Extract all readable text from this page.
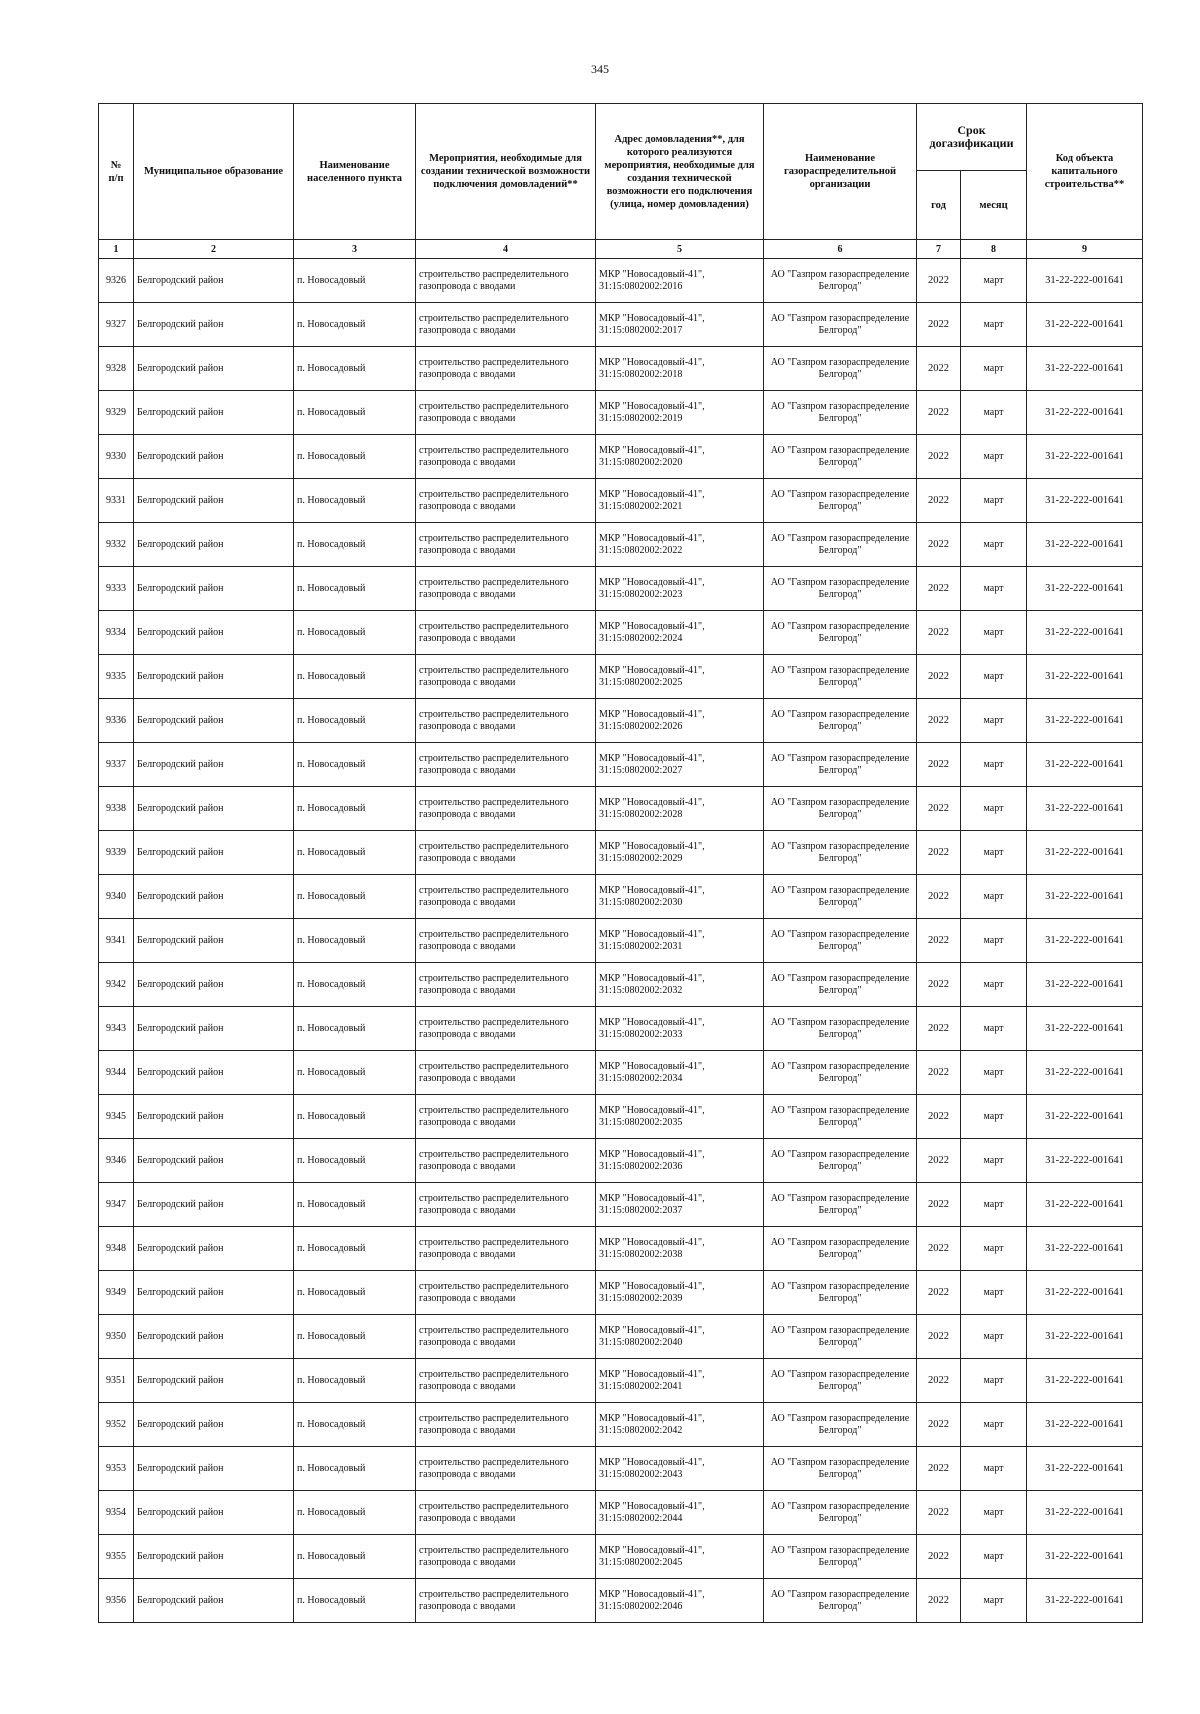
345
№
п/п	Муниципальное образование	Наименование населенного пункта	Мероприятия, необходимые для создании технической возможности подключения домовладений**	Адрес домовладения**, для которого реализуются мероприятия, необходимые для создания технической возможности его подключения (улица, номер домовладения)	Наименование газораспределительной организации	Срок догазификации		Код объекта капитального строительства**
						год	месяц	
1	2	3	4	5	6	7	8	9
9326	Белгородский район	п. Новосадовый	строительство распределительного газопровода с вводами	МКР "Новосадовый-41", 31:15:0802002:2016	АО "Газпром газораспределение Белгород"	2022	март	31-22-222-001641
9327	Белгородский район	п. Новосадовый	строительство распределительного газопровода с вводами	МКР "Новосадовый-41", 31:15:0802002:2017	АО "Газпром газораспределение Белгород"	2022	март	31-22-222-001641
9328	Белгородский район	п. Новосадовый	строительство распределительного газопровода с вводами	МКР "Новосадовый-41", 31:15:0802002:2018	АО "Газпром газораспределение Белгород"	2022	март	31-22-222-001641
9329	Белгородский район	п. Новосадовый	строительство распределительного газопровода с вводами	МКР "Новосадовый-41", 31:15:0802002:2019	АО "Газпром газораспределение Белгород"	2022	март	31-22-222-001641
9330	Белгородский район	п. Новосадовый	строительство распределительного газопровода с вводами	МКР "Новосадовый-41", 31:15:0802002:2020	АО "Газпром газораспределение Белгород"	2022	март	31-22-222-001641
9331	Белгородский район	п. Новосадовый	строительство распределительного газопровода с вводами	МКР "Новосадовый-41", 31:15:0802002:2021	АО "Газпром газораспределение Белгород"	2022	март	31-22-222-001641
9332	Белгородский район	п. Новосадовый	строительство распределительного газопровода с вводами	МКР "Новосадовый-41", 31:15:0802002:2022	АО "Газпром газораспределение Белгород"	2022	март	31-22-222-001641
9333	Белгородский район	п. Новосадовый	строительство распределительного газопровода с вводами	МКР "Новосадовый-41", 31:15:0802002:2023	АО "Газпром газораспределение Белгород"	2022	март	31-22-222-001641
9334	Белгородский район	п. Новосадовый	строительство распределительного газопровода с вводами	МКР "Новосадовый-41", 31:15:0802002:2024	АО "Газпром газораспределение Белгород"	2022	март	31-22-222-001641
9335	Белгородский район	п. Новосадовый	строительство распределительного газопровода с вводами	МКР "Новосадовый-41", 31:15:0802002:2025	АО "Газпром газораспределение Белгород"	2022	март	31-22-222-001641
9336	Белгородский район	п. Новосадовый	строительство распределительного газопровода с вводами	МКР "Новосадовый-41", 31:15:0802002:2026	АО "Газпром газораспределение Белгород"	2022	март	31-22-222-001641
9337	Белгородский район	п. Новосадовый	строительство распределительного газопровода с вводами	МКР "Новосадовый-41", 31:15:0802002:2027	АО "Газпром газораспределение Белгород"	2022	март	31-22-222-001641
9338	Белгородский район	п. Новосадовый	строительство распределительного газопровода с вводами	МКР "Новосадовый-41", 31:15:0802002:2028	АО "Газпром газораспределение Белгород"	2022	март	31-22-222-001641
9339	Белгородский район	п. Новосадовый	строительство распределительного газопровода с вводами	МКР "Новосадовый-41", 31:15:0802002:2029	АО "Газпром газораспределение Белгород"	2022	март	31-22-222-001641
9340	Белгородский район	п. Новосадовый	строительство распределительного газопровода с вводами	МКР "Новосадовый-41", 31:15:0802002:2030	АО "Газпром газораспределение Белгород"	2022	март	31-22-222-001641
9341	Белгородский район	п. Новосадовый	строительство распределительного газопровода с вводами	МКР "Новосадовый-41", 31:15:0802002:2031	АО "Газпром газораспределение Белгород"	2022	март	31-22-222-001641
9342	Белгородский район	п. Новосадовый	строительство распределительного газопровода с вводами	МКР "Новосадовый-41", 31:15:0802002:2032	АО "Газпром газораспределение Белгород"	2022	март	31-22-222-001641
9343	Белгородский район	п. Новосадовый	строительство распределительного газопровода с вводами	МКР "Новосадовый-41", 31:15:0802002:2033	АО "Газпром газораспределение Белгород"	2022	март	31-22-222-001641
9344	Белгородский район	п. Новосадовый	строительство распределительного газопровода с вводами	МКР "Новосадовый-41", 31:15:0802002:2034	АО "Газпром газораспределение Белгород"	2022	март	31-22-222-001641
9345	Белгородский район	п. Новосадовый	строительство распределительного газопровода с вводами	МКР "Новосадовый-41", 31:15:0802002:2035	АО "Газпром газораспределение Белгород"	2022	март	31-22-222-001641
9346	Белгородский район	п. Новосадовый	строительство распределительного газопровода с вводами	МКР "Новосадовый-41", 31:15:0802002:2036	АО "Газпром газораспределение Белгород"	2022	март	31-22-222-001641
9347	Белгородский район	п. Новосадовый	строительство распределительного газопровода с вводами	МКР "Новосадовый-41", 31:15:0802002:2037	АО "Газпром газораспределение Белгород"	2022	март	31-22-222-001641
9348	Белгородский район	п. Новосадовый	строительство распределительного газопровода с вводами	МКР "Новосадовый-41", 31:15:0802002:2038	АО "Газпром газораспределение Белгород"	2022	март	31-22-222-001641
9349	Белгородский район	п. Новосадовый	строительство распределительного газопровода с вводами	МКР "Новосадовый-41", 31:15:0802002:2039	АО "Газпром газораспределение Белгород"	2022	март	31-22-222-001641
9350	Белгородский район	п. Новосадовый	строительство распределительного газопровода с вводами	МКР "Новосадовый-41", 31:15:0802002:2040	АО "Газпром газораспределение Белгород"	2022	март	31-22-222-001641
9351	Белгородский район	п. Новосадовый	строительство распределительного газопровода с вводами	МКР "Новосадовый-41", 31:15:0802002:2041	АО "Газпром газораспределение Белгород"	2022	март	31-22-222-001641
9352	Белгородский район	п. Новосадовый	строительство распределительного газопровода с вводами	МКР "Новосадовый-41", 31:15:0802002:2042	АО "Газпром газораспределение Белгород"	2022	март	31-22-222-001641
9353	Белгородский район	п. Новосадовый	строительство распределительного газопровода с вводами	МКР "Новосадовый-41", 31:15:0802002:2043	АО "Газпром газораспределение Белгород"	2022	март	31-22-222-001641
9354	Белгородский район	п. Новосадовый	строительство распределительного газопровода с вводами	МКР "Новосадовый-41", 31:15:0802002:2044	АО "Газпром газораспределение Белгород"	2022	март	31-22-222-001641
9355	Белгородский район	п. Новосадовый	строительство распределительного газопровода с вводами	МКР "Новосадовый-41", 31:15:0802002:2045	АО "Газпром газораспределение Белгород"	2022	март	31-22-222-001641
9356	Белгородский район	п. Новосадовый	строительство распределительного газопровода с вводами	МКР "Новосадовый-41", 31:15:0802002:2046	АО "Газпром газораспределение Белгород"	2022	март	31-22-222-001641
